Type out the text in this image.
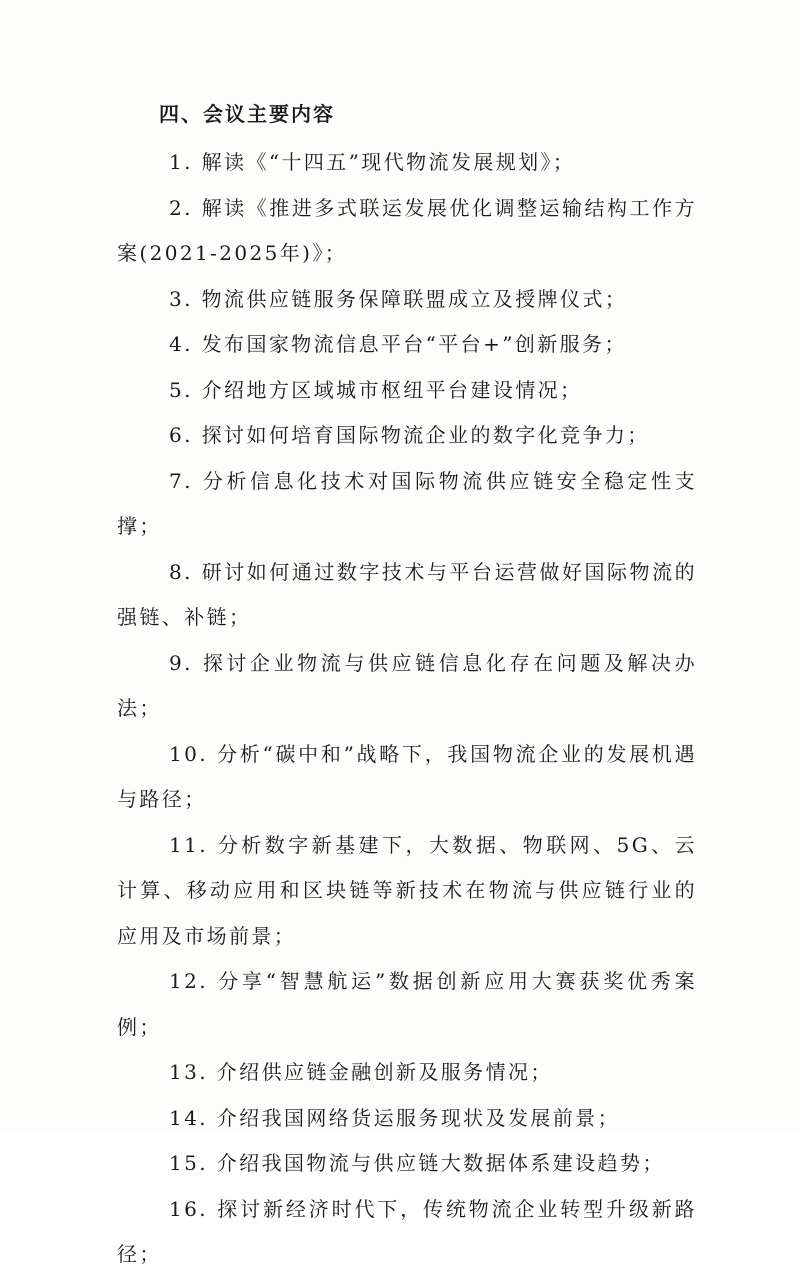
四、会议主要内容
1. 解读《“十四五”现代物流发展规划》；
2. 解读《推进多式联运发展优化调整运输结构工作方案(2021-2025年)》；
3. 物流供应链服务保障联盟成立及授牌仪式；
4. 发布国家物流信息平台“平台+”创新服务；
5. 介绍地方区域城市枢纽平台建设情况；
6. 探讨如何培育国际物流企业的数字化竞争力；
7. 分析信息化技术对国际物流供应链安全稳定性支撑；
8. 研讨如何通过数字技术与平台运营做好国际物流的强链、补链；
9. 探讨企业物流与供应链信息化存在问题及解决办法；
10. 分析“碳中和”战略下，我国物流企业的发展机遇与路径；
11. 分析数字新基建下，大数据、物联网、5G、云计算、移动应用和区块链等新技术在物流与供应链行业的应用及市场前景；
12. 分享“智慧航运”数据创新应用大赛获奖优秀案例；
13. 介绍供应链金融创新及服务情况；
14. 介绍我国网络货运服务现状及发展前景；
15. 介绍我国物流与供应链大数据体系建设趋势；
16. 探讨新经济时代下，传统物流企业转型升级新路径；
